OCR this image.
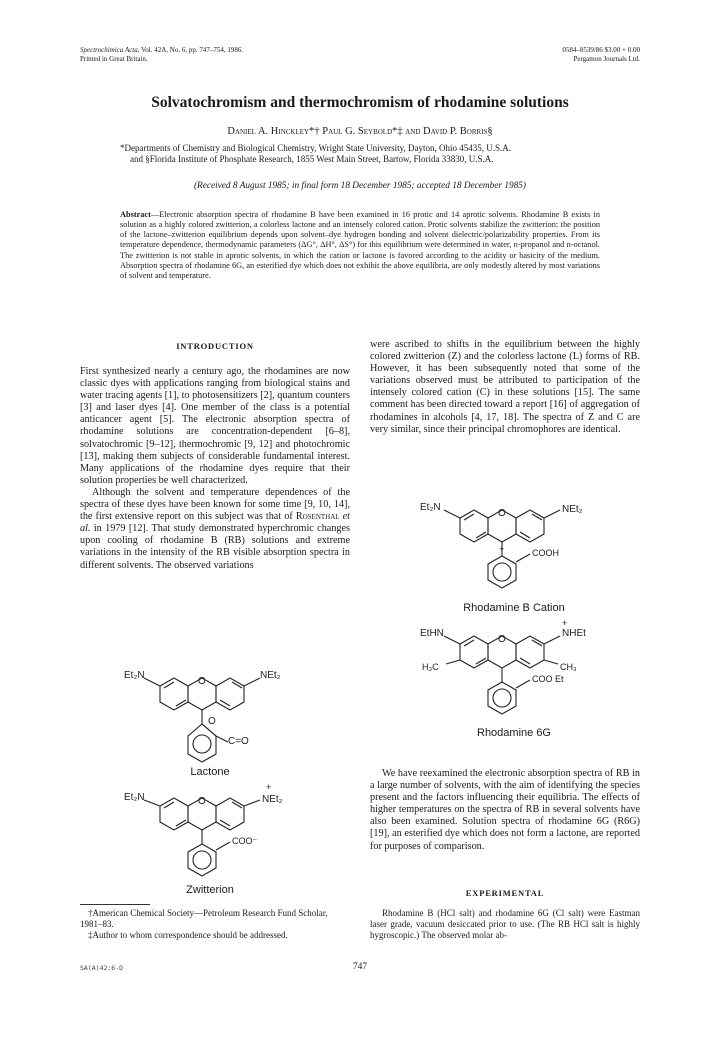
Spectrochimica Acta, Vol. 42A, No. 6, pp. 747–754, 1986.
Printed in Great Britain.
0584–8539/86 $3.00 + 0.00
Pergamon Journals Ltd.
Solvatochromism and thermochromism of rhodamine solutions
Daniel A. Hinckley*† Paul G. Seybold*‡ and David P. Borris§
*Departments of Chemistry and Biological Chemistry, Wright State University, Dayton, Ohio 45435, U.S.A.
and §Florida Institute of Phosphate Research, 1855 West Main Street, Bartow, Florida 33830, U.S.A.
(Received 8 August 1985; in final form 18 December 1985; accepted 18 December 1985)
Abstract—Electronic absorption spectra of rhodamine B have been examined in 16 protic and 14 aprotic solvents. Rhodamine B exists in solution as a highly colored zwitterion, a colorless lactone and an intensely colored cation. Protic solvents stabilize the zwitterion: the position of the lactone–zwitterion equilibrium depends upon solvent–dye hydrogen bonding and solvent dielectric/polarizability properties. From its temperature dependence, thermodynamic parameters (ΔG°, ΔH°, ΔS°) for this equilibrium were determined in water, n-propanol and n-octanol. The zwitterion is not stable in aprotic solvents, in which the cation or lactone is favored according to the acidity or basicity of the medium. Absorption spectra of rhodamine 6G, an esterified dye which does not exhibit the above equilibria, are only modestly altered by most variations of solvent and temperature.
INTRODUCTION

First synthesized nearly a century ago, the rhodamines are now classic dyes with applications ranging from biological stains and water tracing agents [1], to photosensitizers [2], quantum counters [3] and laser dyes [4]. One member of the class is a potential anticancer agent [5]. The electronic absorption spectra of rhodamine solutions are concentration-dependent [6–8], solvatochromic [9–12], thermochromic [9, 12] and photochromic [13], making them subjects of considerable fundamental interest. Many applications of the rhodamine dyes require that their solution properties be well characterized.

Although the solvent and temperature dependences of the spectra of these dyes have been known for some time [9, 10, 14], the first extensive report on this subject was that of Rosenthal et al. in 1979 [12]. That study demonstrated hyperchromic changes upon cooling of rhodamine B (RB) solutions and extreme variations in the intensity of the RB visible absorption spectra in different solvents. The observed variations

Et₂N	NEt₂
O
O
C=O
Lactone
Et₂N	NEt₂
+
O
COO⁻
Zwitterion

were ascribed to shifts in the equilibrium between the highly colored zwitterion (Z) and the colorless lactone (L) forms of RB. However, it has been subsequently noted that some of the variations observed must be attributed to participation of the intensely colored cation (C) in these solutions [15]. The same comment has been directed toward a report [16] of aggregation of rhodamines in alcohols [4, 17, 18]. The spectra of Z and C are very similar, since their principal chromophores are identical.

Et₂N	NEt₂
+
O
COOH
Rhodamine B Cation
EtHN	NHEt
+
O
H₃C	CH₃
COO Et
Rhodamine 6G

We have reexamined the electronic absorption spectra of RB in a large number of solvents, with the aim of identifying the species present and the factors influencing their equilibria. The effects of higher temperatures on the spectra of RB in several solvents have also been examined. Solution spectra of rhodamine 6G (R6G) [19], an esterified dye which does not form a lactone, are reported for purposes of comparison.

EXPERIMENTAL
Rhodamine B (HCl salt) and rhodamine 6G (Cl salt) were Eastman laser grade, vacuum desiccated prior to use. (The RB HCl salt is highly hygroscopic.) The observed molar ab-
†American Chemical Society—Petroleum Research Fund Scholar, 1981–83.
‡Author to whom correspondence should be addressed.
SA(A)42:6-D	747
